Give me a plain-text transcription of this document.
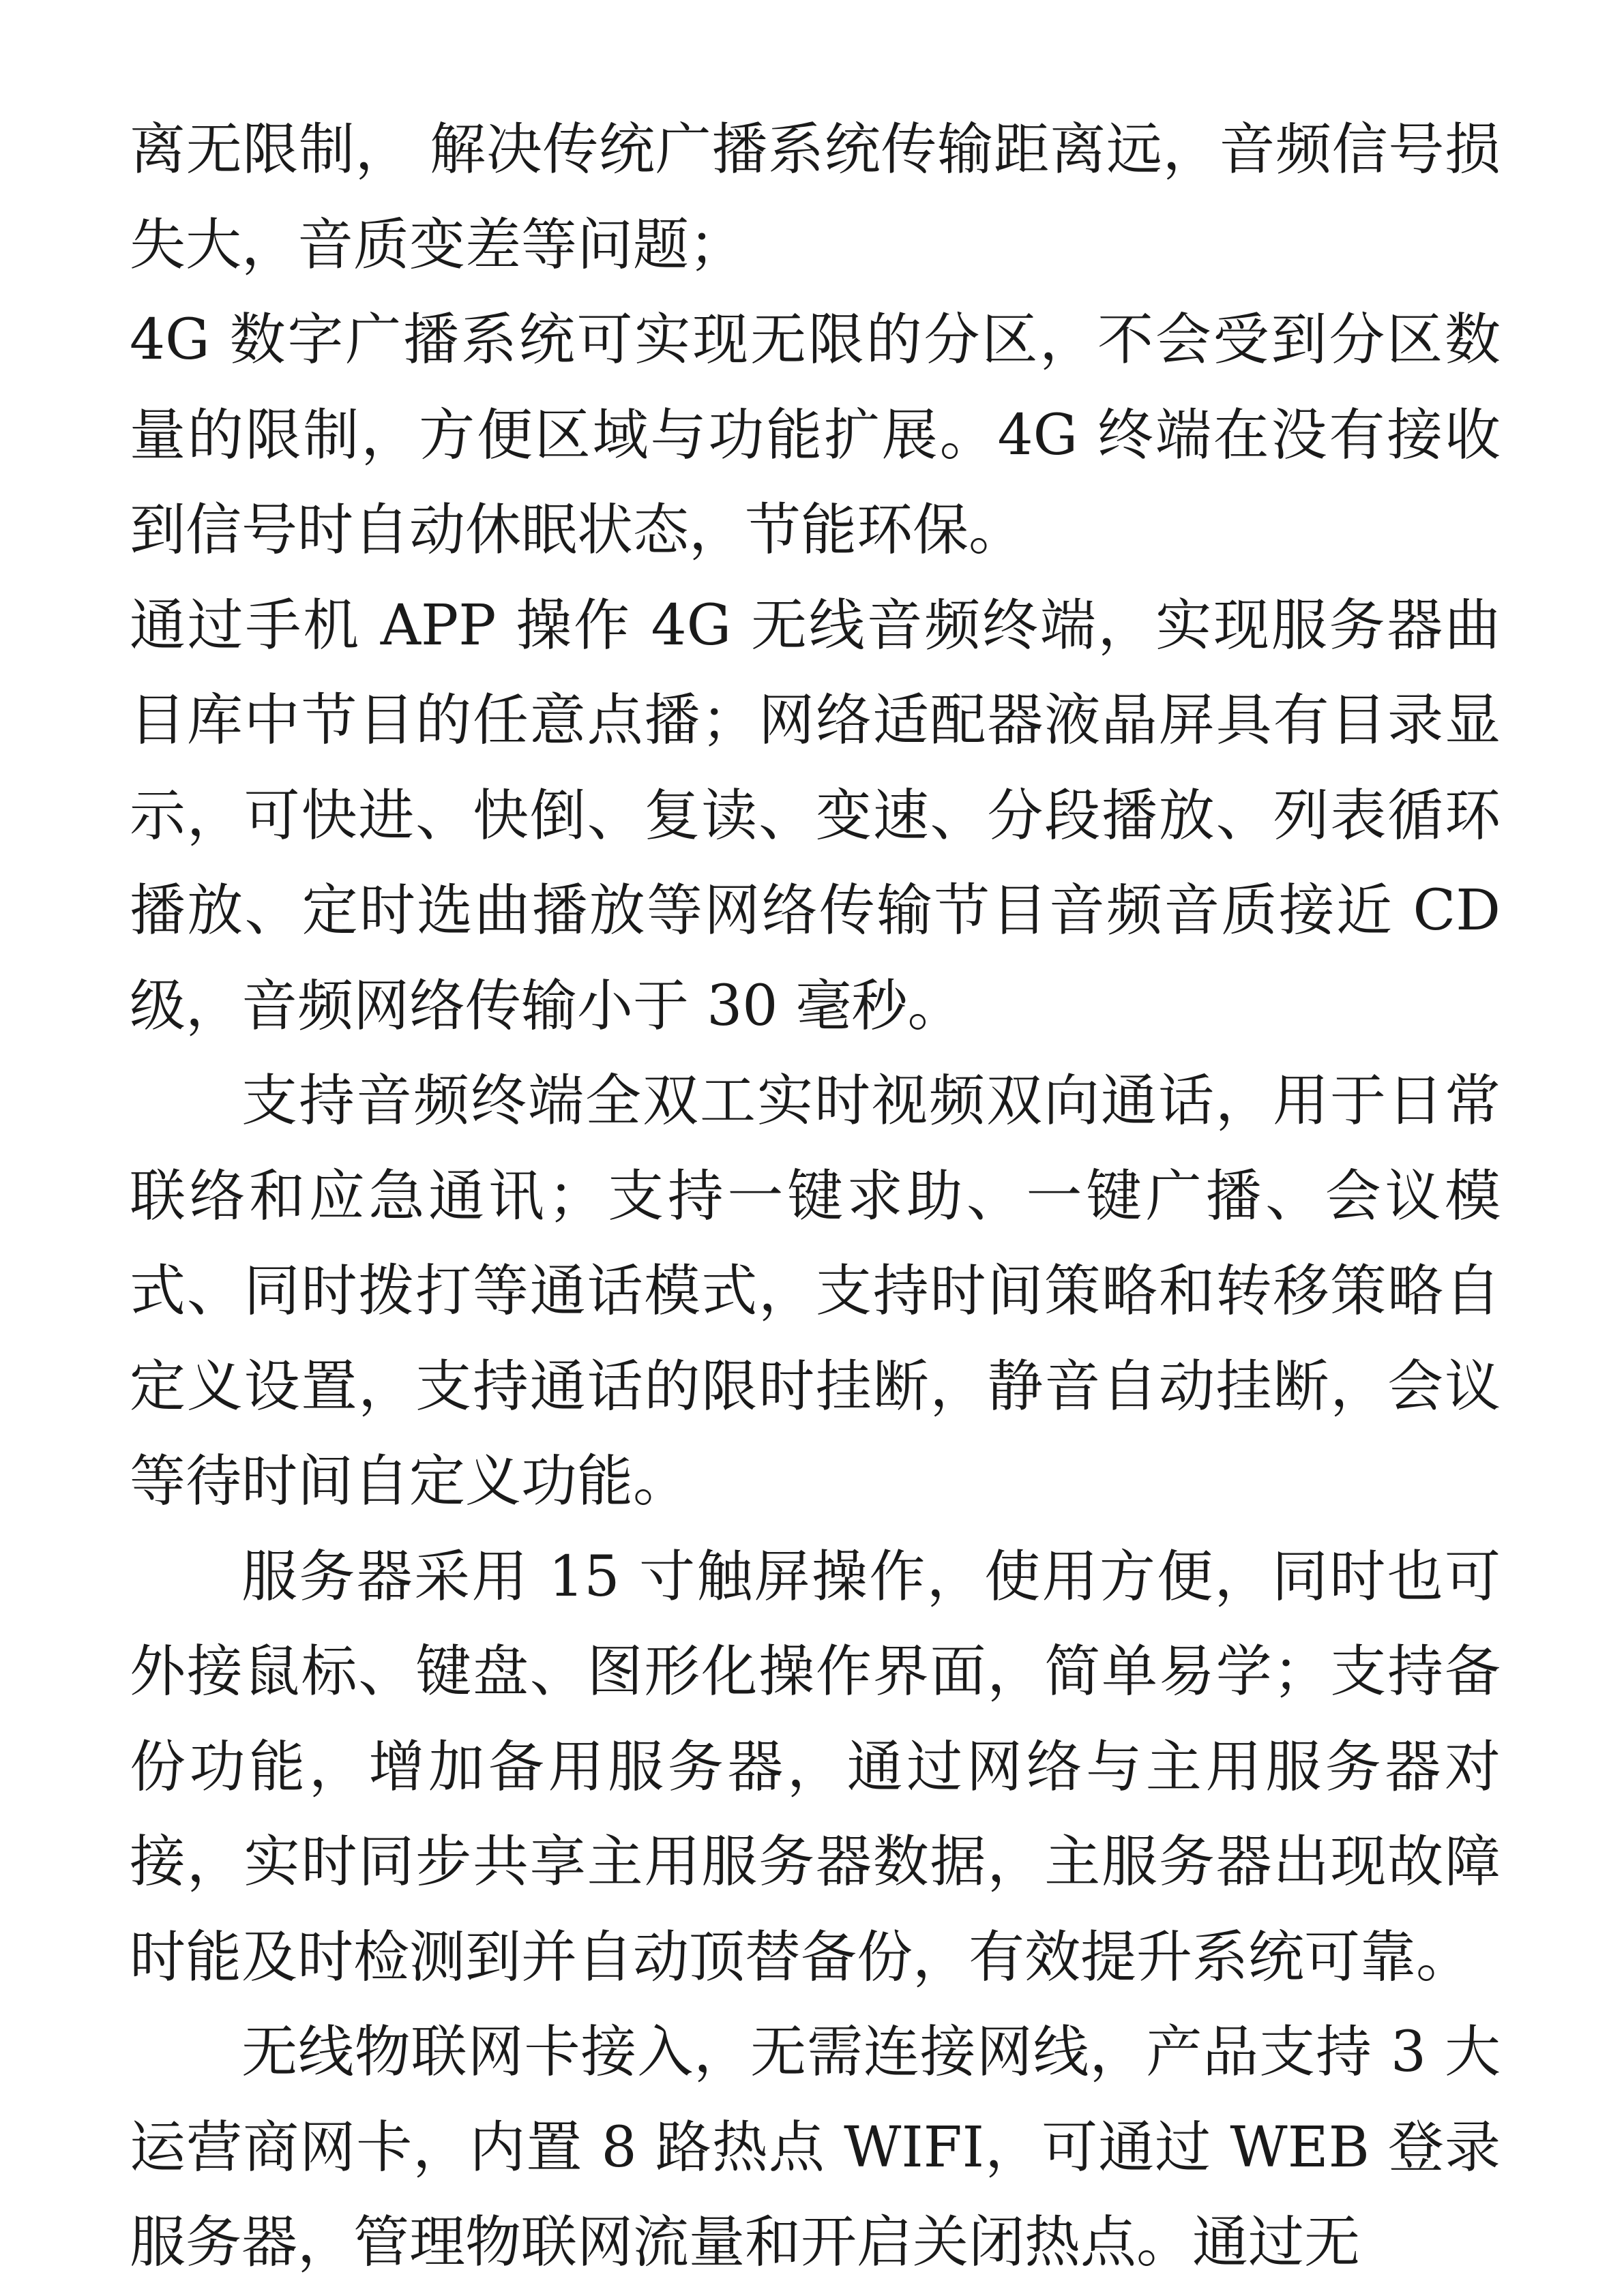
离无限制， 解决传统广播系统传输距离远，音频信号损失大，音质变差等问题；

4G 数字广播系统可实现无限的分区，不会受到分区数量的限制，方便区域与功能扩展。4G 终端在没有接收到信号时自动休眠状态，节能环保。

通过手机 APP 操作 4G 无线音频终端，实现服务器曲目库中节目的任意点播；网络适配器液晶屏具有目录显示，可快进、快倒、复读、变速、分段播放、列表循环播放、定时选曲播放等网络传输节目音频音质接近 CD 级，音频网络传输小于 30 毫秒。

支持音频终端全双工实时视频双向通话，用于日常联络和应急通讯；支持一键求助、一键广播、会议模式、同时拨打等通话模式，支持时间策略和转移策略自定义设置，支持通话的限时挂断，静音自动挂断，会议等待时间自定义功能。

服务器采用 15 寸触屏操作，使用方便，同时也可外接鼠标、键盘、图形化操作界面，简单易学；支持备份功能，增加备用服务器，通过网络与主用服务器对接，实时同步共享主用服务器数据，主服务器出现故障时能及时检测到并自动顶替备份，有效提升系统可靠。

无线物联网卡接入，无需连接网线，产品支持 3 大运营商网卡，内置 8 路热点 WIFI，可通过 WEB 登录服务器，管理物联网流量和开启关闭热点。通过无
